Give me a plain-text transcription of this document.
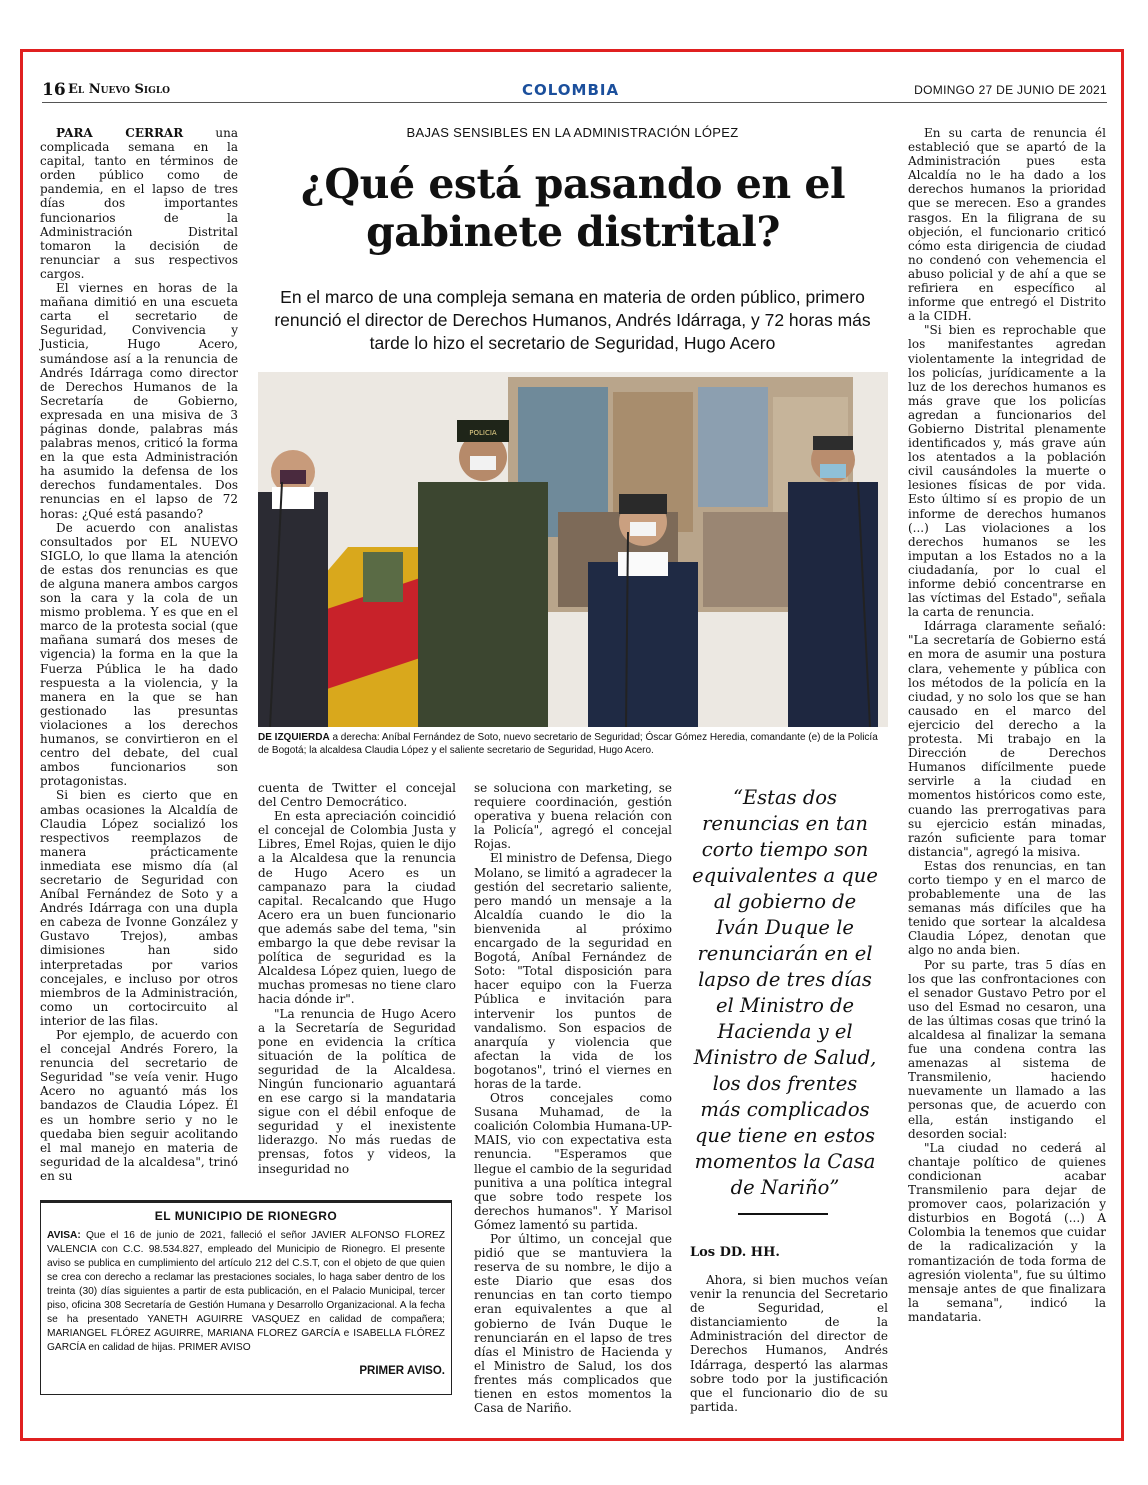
16 El Nuevo Siglo	COLOMBIA	DOMINGO 27 DE JUNIO DE 2021

PARA CERRAR una complicada semana en la capital, tanto en términos de orden público como de pandemia, en el lapso de tres días dos importantes funcionarios de la Administración Distrital tomaron la decisión de renunciar a sus respectivos cargos.

El viernes en horas de la mañana dimitió en una escueta carta el secretario de Seguridad, Convivencia y Justicia, Hugo Acero, sumándose así a la renuncia de Andrés Idárraga como director de Derechos Humanos de la Secretaría de Gobierno, expresada en una misiva de 3 páginas donde, palabras más palabras menos, criticó la forma en la que esta Administración ha asumido la defensa de los derechos fundamentales. Dos renuncias en el lapso de 72 horas: ¿Qué está pasando?

De acuerdo con analistas consultados por EL NUEVO SIGLO, lo que llama la atención de estas dos renuncias es que de alguna manera ambos cargos son la cara y la cola de un mismo problema. Y es que en el marco de la protesta social (que mañana sumará dos meses de vigencia) la forma en la que la Fuerza Pública le ha dado respuesta a la violencia, y la manera en la que se han gestionado las presuntas violaciones a los derechos humanos, se convirtieron en el centro del debate, del cual ambos funcionarios son protagonistas.

Si bien es cierto que en ambas ocasiones la Alcaldía de Claudia López socializó los respectivos reemplazos de manera prácticamente inmediata ese mismo día (al secretario de Seguridad con Aníbal Fernández de Soto y a Andrés Idárraga con una dupla en cabeza de Ivonne González y Gustavo Trejos), ambas dimisiones han sido interpretadas por varios concejales, e incluso por otros miembros de la Administración, como un cortocircuito al interior de las filas.

Por ejemplo, de acuerdo con el concejal Andrés Forero, la renuncia del secretario de Seguridad "se veía venir. Hugo Acero no aguantó más los bandazos de Claudia López. Él es un hombre serio y no le quedaba bien seguir acolitando el mal manejo en materia de seguridad de la alcaldesa", trinó en su

BAJAS SENSIBLES EN LA ADMINISTRACIÓN LÓPEZ
¿Qué está pasando en el gabinete distrital?
En el marco de una compleja semana en materia de orden público, primero renunció el director de Derechos Humanos, Andrés Idárraga, y 72 horas más tarde lo hizo el secretario de Seguridad, Hugo Acero
POLICIA
DE IZQUIERDA a derecha: Aníbal Fernández de Soto, nuevo secretario de Seguridad; Óscar Gómez Heredia, comandante (e) de la Policía de Bogotá; la alcaldesa Claudia López y el saliente secretario de Seguridad, Hugo Acero.

cuenta de Twitter el concejal del Centro Democrático.

En esta apreciación coincidió el concejal de Colombia Justa y Libres, Emel Rojas, quien le dijo a la Alcaldesa que la renuncia de Hugo Acero es un campanazo para la ciudad capital. Recalcando que Hugo Acero era un buen funcionario que además sabe del tema, "sin embargo la que debe revisar la política de seguridad es la Alcaldesa López quien, luego de muchas promesas no tiene claro hacia dónde ir".

"La renuncia de Hugo Acero a la Secretaría de Seguridad pone en evidencia la crítica situación de la política de seguridad de la Alcaldesa. Ningún funcionario aguantará en ese cargo si la mandataria sigue con el débil enfoque de seguridad y el inexistente liderazgo. No más ruedas de prensas, fotos y videos, la inseguridad no

se soluciona con marketing, se requiere coordinación, gestión operativa y buena relación con la Policía", agregó el concejal Rojas.

El ministro de Defensa, Diego Molano, se limitó a agradecer la gestión del secretario saliente, pero mandó un mensaje a la Alcaldía cuando le dio la bienvenida al próximo encargado de la seguridad en Bogotá, Aníbal Fernández de Soto: "Total disposición para hacer equipo con la Fuerza Pública e invitación para intervenir los puntos de vandalismo. Son espacios de anarquía y violencia que afectan la vida de los bogotanos", trinó el viernes en horas de la tarde.

Otros concejales como Susana Muhamad, de la coalición Colombia Humana-UP-MAIS, vio con expectativa esta renuncia. "Esperamos que llegue el cambio de la seguridad punitiva a una política integral que sobre todo respete los derechos humanos". Y Marisol Gómez lamentó su partida.

Por último, un concejal que pidió que se mantuviera la reserva de su nombre, le dijo a este Diario que esas dos renuncias en tan corto tiempo eran equivalentes a que al gobierno de Iván Duque le renunciarán en el lapso de tres días el Ministro de Hacienda y el Ministro de Salud, los dos frentes más complicados que tienen en estos momentos la Casa de Nariño.

“Estas dos renuncias en tan corto tiempo son equivalentes a que al gobierno de Iván Duque le renunciarán en el lapso de tres días el Ministro de Hacienda y el Ministro de Salud, los dos frentes más complicados que tiene en estos momentos la Casa de Nariño”
Los DD. HH.

Ahora, si bien muchos veían venir la renuncia del Secretario de Seguridad, el distanciamiento de la Administración del director de Derechos Humanos, Andrés Idárraga, despertó las alarmas sobre todo por la justificación que el funcionario dio de su partida.

En su carta de renuncia él estableció que se apartó de la Administración pues esta Alcaldía no le ha dado a los derechos humanos la prioridad que se merecen. Eso a grandes rasgos. En la filigrana de su objeción, el funcionario criticó cómo esta dirigencia de ciudad no condenó con vehemencia el abuso policial y de ahí a que se refiriera en específico al informe que entregó el Distrito a la CIDH.

"Si bien es reprochable que los manifestantes agredan violentamente la integridad de los policías, jurídicamente a la luz de los derechos humanos es más grave que los policías agredan a funcionarios del Gobierno Distrital plenamente identificados y, más grave aún los atentados a la población civil causándoles la muerte o lesiones físicas de por vida. Esto último sí es propio de un informe de derechos humanos (...) Las violaciones a los derechos humanos se les imputan a los Estados no a la ciudadanía, por lo cual el informe debió concentrarse en las víctimas del Estado", señala la carta de renuncia.

Idárraga claramente señaló: "La secretaría de Gobierno está en mora de asumir una postura clara, vehemente y pública con los métodos de la policía en la ciudad, y no solo los que se han causado en el marco del ejercicio del derecho a la protesta. Mi trabajo en la Dirección de Derechos Humanos difícilmente puede servirle a la ciudad en momentos históricos como este, cuando las prerrogativas para su ejercicio están minadas, razón suficiente para tomar distancia", agregó la misiva.

Estas dos renuncias, en tan corto tiempo y en el marco de probablemente una de las semanas más difíciles que ha tenido que sortear la alcaldesa Claudia López, denotan que algo no anda bien.

Por su parte, tras 5 días en los que las confrontaciones con el senador Gustavo Petro por el uso del Esmad no cesaron, una de las últimas cosas que trinó la alcaldesa al finalizar la semana fue una condena contra las amenazas al sistema de Transmilenio, haciendo nuevamente un llamado a las personas que, de acuerdo con ella, están instigando el desorden social:

"La ciudad no cederá al chantaje político de quienes condicionan acabar Transmilenio para dejar de promover caos, polarización y disturbios en Bogotá (...) A Colombia la tenemos que cuidar de la radicalización y la romantización de toda forma de agresión violenta", fue su último mensaje antes de que finalizara la semana", indicó la mandataria.

EL MUNICIPIO DE RIONEGRO
AVISA: Que el 16 de junio de 2021, falleció el señor JAVIER ALFONSO FLOREZ VALENCIA con C.C. 98.534.827, empleado del Municipio de Rionegro. El presente aviso se publica en cumplimiento del artículo 212 del C.S.T, con el objeto de que quien se crea con derecho a reclamar las prestaciones sociales, lo haga saber dentro de los treinta (30) días siguientes a partir de esta publicación, en el Palacio Municipal, tercer piso, oficina 308 Secretaría de Gestión Humana y Desarrollo Organizacional. A la fecha se ha presentado YANETH AGUIRRE VASQUEZ en calidad de compañera; MARIANGEL FLÓREZ AGUIRRE, MARIANA FLOREZ GARCÍA e ISABELLA FLÓREZ GARCÍA en calidad de hijas. PRIMER AVISO
PRIMER AVISO.
